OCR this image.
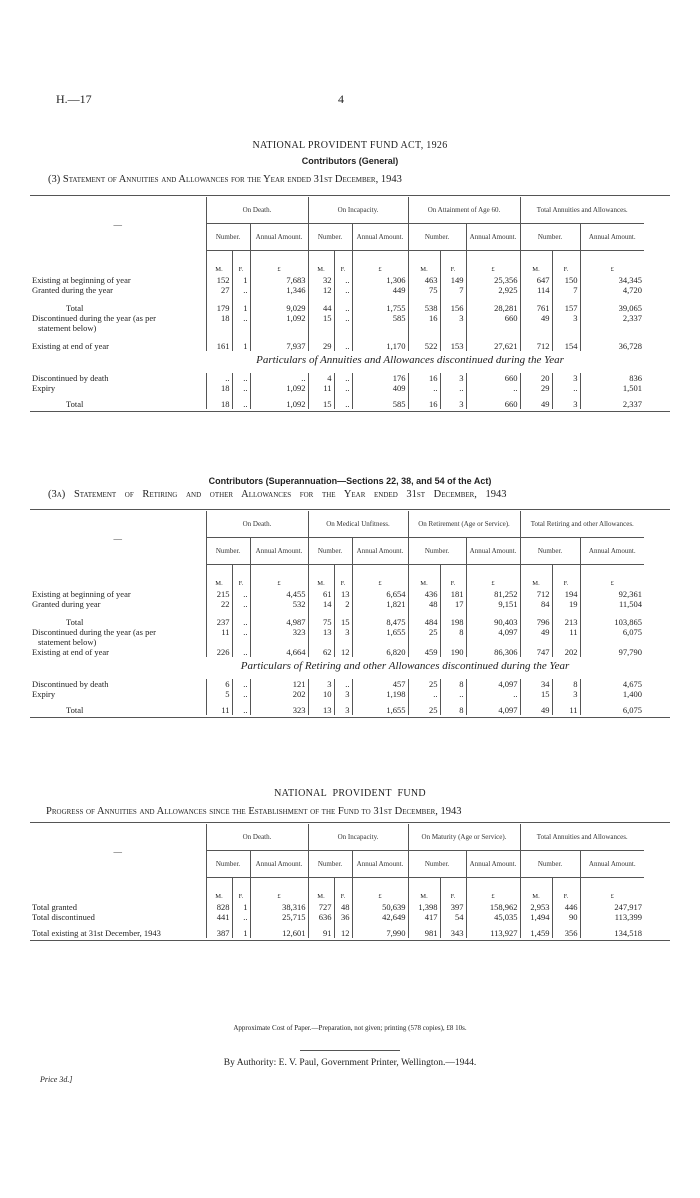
H.—17	4
NATIONAL PROVIDENT FUND ACT, 1926
Contributors (General)
(3) Statement of Annuities and Allowances for the Year ended 31st December, 1943
Particulars of Annuities and Allowances discontinued during the Year
Contributors (Superannuation—Sections 22, 38, and 54 of the Act)
(3a) Statement of Retiring and other Allowances for the Year ended 31st December, 1943
Particulars of Retiring and other Allowances discontinued during the Year
NATIONAL PROVIDENT FUND
Progress of Annuities and Allowances since the Establishment of the Fund to 31st December, 1943
Approximate Cost of Paper.—Preparation, not given; printing (578 copies), £8 10s.
By Authority: E. V. Paul, Government Printer, Wellington.—1944.
Price 3d.]
—	On Death.			On Incapacity.			On Attainment of Age 60.			Total Annuities and Allowances.		
	Number.		Annual Amount.	Number.		Annual Amount.	Number.		Annual Amount.	Number.		Annual Amount.

	M.	F.	£	M.	F.	£	M.	F.	£	M.	F.	£
Existing at beginning of year	152	1	7,683	32	..	1,306	463	149	25,356	647	150	34,345
Granted during the year	27	..	1,346	12	..	449	75	7	2,925	114	7	4,720

Total	179	1	9,029	44	..	1,755	538	156	28,281	761	157	39,065

Discontinued during the year (as per
statement below)	18	..	1,092	15	..	585	16	3	660	49	3	2,337

Existing at end of year	161	1	7,937	29	..	1,170	522	153	27,621	712	154	36,728

Discontinued by death	..	..	..	4	..	176	16	3	660	20	3	836
Expiry	18	..	1,092	11	..	409	..	..	..	29	..	1,501

Total	18	..	1,092	15	..	585	16	3	660	49	3	2,337
—	On Death.			On Medical Unfitness.			On Retirement (Age or Service).			Total Retiring and other Allowances.		
	Number.		Annual Amount.	Number.		Annual Amount.	Number.		Annual Amount.	Number.		Annual Amount.

	M.	F.	£	M.	F.	£	M.	F.	£	M.	F.	£
Existing at beginning of year	215	..	4,455	61	13	6,654	436	181	81,252	712	194	92,361
Granted during year	22	..	532	14	2	1,821	48	17	9,151	84	19	11,504

Total	237	..	4,987	75	15	8,475	484	198	90,403	796	213	103,865

Discontinued during the year (as per
statement below)	11	..	323	13	3	1,655	25	8	4,097	49	11	6,075
Existing at end of year	226	..	4,664	62	12	6,820	459	190	86,306	747	202	97,790

Discontinued by death	6	..	121	3	..	457	25	8	4,097	34	8	4,675
Expiry	5	..	202	10	3	1,198	..	..	..	15	3	1,400

Total	11	..	323	13	3	1,655	25	8	4,097	49	11	6,075
—	On Death.			On Incapacity.			On Maturity (Age or Service).			Total Annuities and Allowances.		
	Number.		Annual Amount.	Number.		Annual Amount.	Number.		Annual Amount.	Number.		Annual Amount.

	M.	F.	£	M.	F.	£	M.	F.	£	M.	F.	£
Total granted	828	1	38,316	727	48	50,639	1,398	397	158,962	2,953	446	247,917
Total discontinued	441	..	25,715	636	36	42,649	417	54	45,035	1,494	90	113,399

Total existing at 31st December, 1943	387	1	12,601	91	12	7,990	981	343	113,927	1,459	356	134,518
